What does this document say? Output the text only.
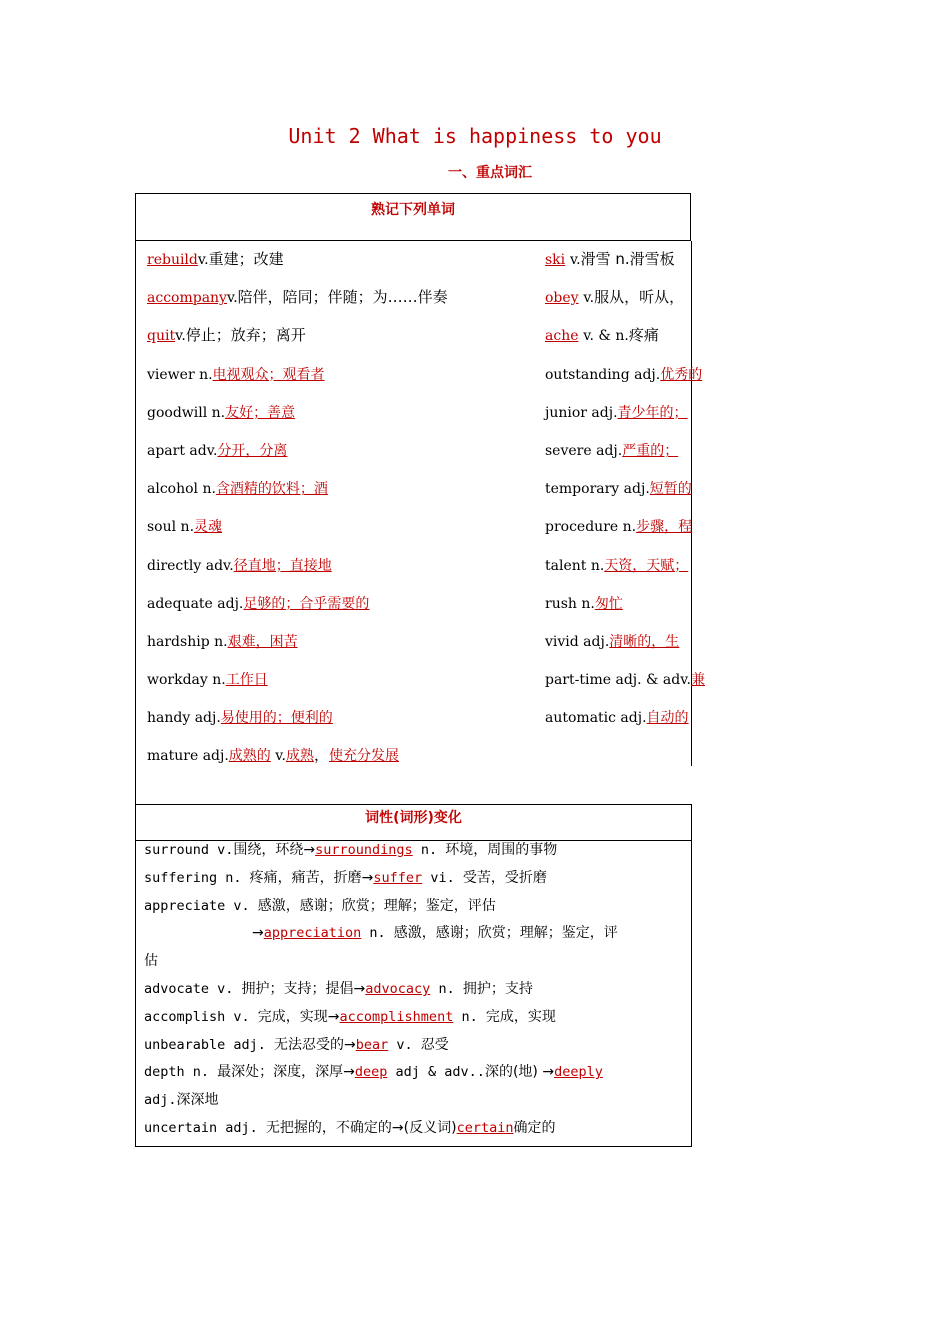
Unit 2 What is happiness to you
一、重点词汇
熟记下列单词
rebuildv.重建；改建
accompanyv.陪伴，陪同；伴随；为……伴奏
quitv.停止；放弃；离开
viewer n.电视观众；观看者
goodwill n.友好；善意
apart adv.分开，分离
alcohol n.含酒精的饮料；酒
soul n.灵魂
directly adv.径直地；直接地
adequate adj.足够的；合乎需要的
hardship n.艰难，困苦
workday n.工作日
handy adj.易使用的；便利的
mature adj.成熟的 v.成熟，使充分发展
ski v.滑雪 n.滑雪板
obey v.服从，听从，
ache v. & n.疼痛
outstanding adj.优秀的
junior adj.青少年的；
severe adj.严重的；
temporary adj.短暂的
procedure n.步骤，程
talent n.天资，天赋；
rush n.匆忙
vivid adj.清晰的，生
part-time adj. & adv.兼
automatic adj.自动的
词性(词形)变化
surround v.围绕，环绕→surroundings n. 环境，周围的事物
suffering n. 疼痛，痛苦，折磨→suffer vi. 受苦，受折磨
appreciate v. 感激，感谢；欣赏；理解；鉴定，评估
→appreciation n. 感激，感谢；欣赏；理解；鉴定，评
估
advocate v. 拥护；支持；提倡→advocacy n. 拥护；支持
accomplish v. 完成，实现→accomplishment n. 完成，实现
unbearable adj. 无法忍受的→bear v. 忍受
depth n. 最深处；深度，深厚→deep adj & adv..深的(地) →deeply
adj.深深地
uncertain adj. 无把握的，不确定的→(反义词)certain确定的
